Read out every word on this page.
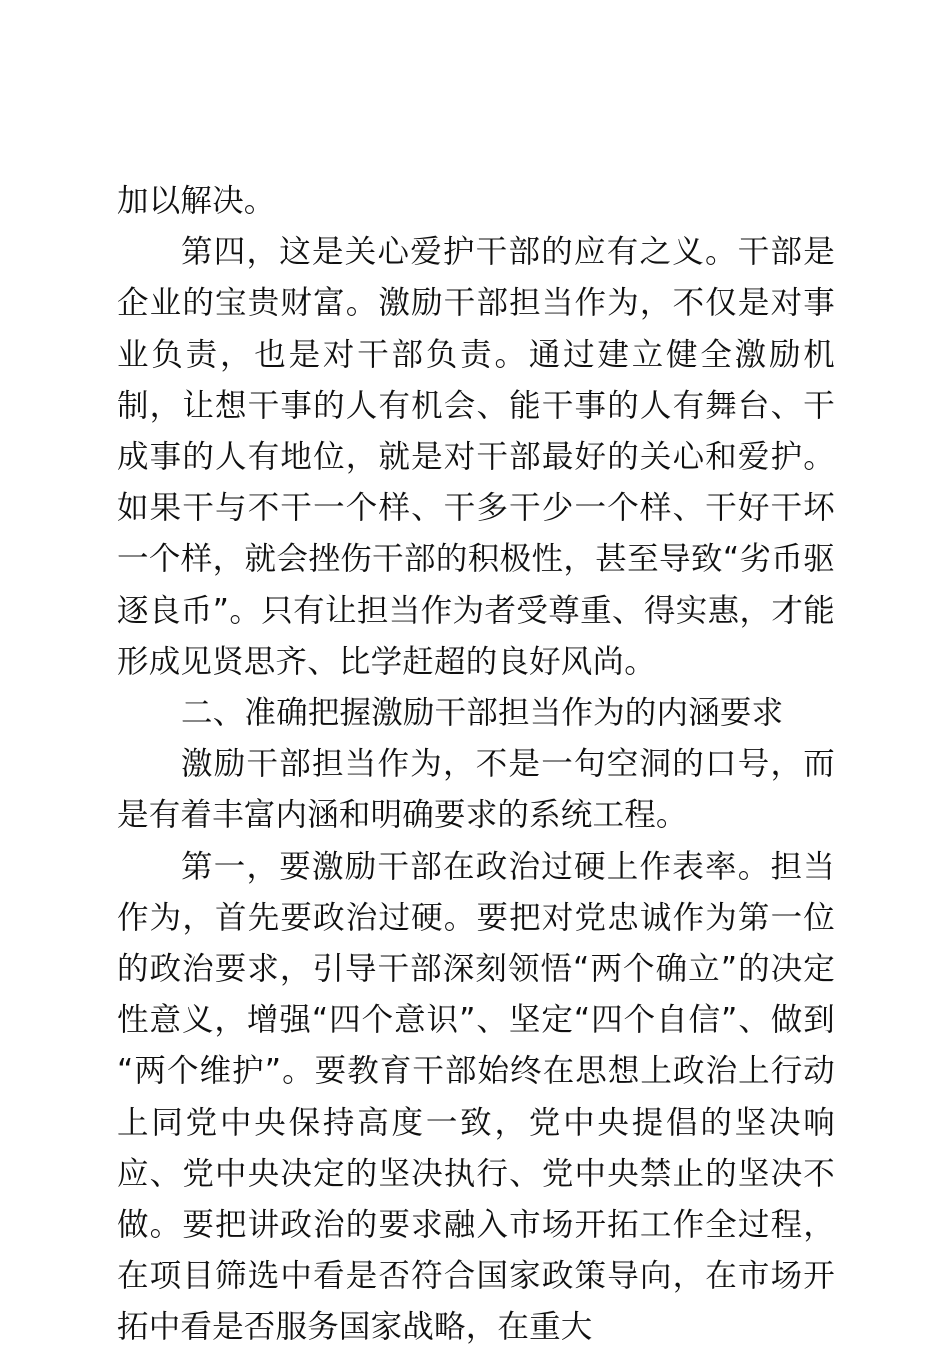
加以解决。

第四，这是关心爱护干部的应有之义。干部是企业的宝贵财富。激励干部担当作为，不仅是对事业负责，也是对干部负责。通过建立健全激励机制，让想干事的人有机会、能干事的人有舞台、干成事的人有地位，就是对干部最好的关心和爱护。如果干与不干一个样、干多干少一个样、干好干坏一个样，就会挫伤干部的积极性，甚至导致“劣币驱逐良币”。只有让担当作为者受尊重、得实惠，才能形成见贤思齐、比学赶超的良好风尚。

二、准确把握激励干部担当作为的内涵要求

激励干部担当作为，不是一句空洞的口号，而是有着丰富内涵和明确要求的系统工程。

第一，要激励干部在政治过硬上作表率。担当作为，首先要政治过硬。要把对党忠诚作为第一位的政治要求，引导干部深刻领悟“两个确立”的决定性意义，增强“四个意识”、坚定“四个自信”、做到“两个维护”。要教育干部始终在思想上政治上行动上同党中央保持高度一致，党中央提倡的坚决响应、党中央决定的坚决执行、党中央禁止的坚决不做。要把讲政治的要求融入市场开拓工作全过程，在项目筛选中看是否符合国家政策导向，在市场开拓中看是否服务国家战略，在重大
